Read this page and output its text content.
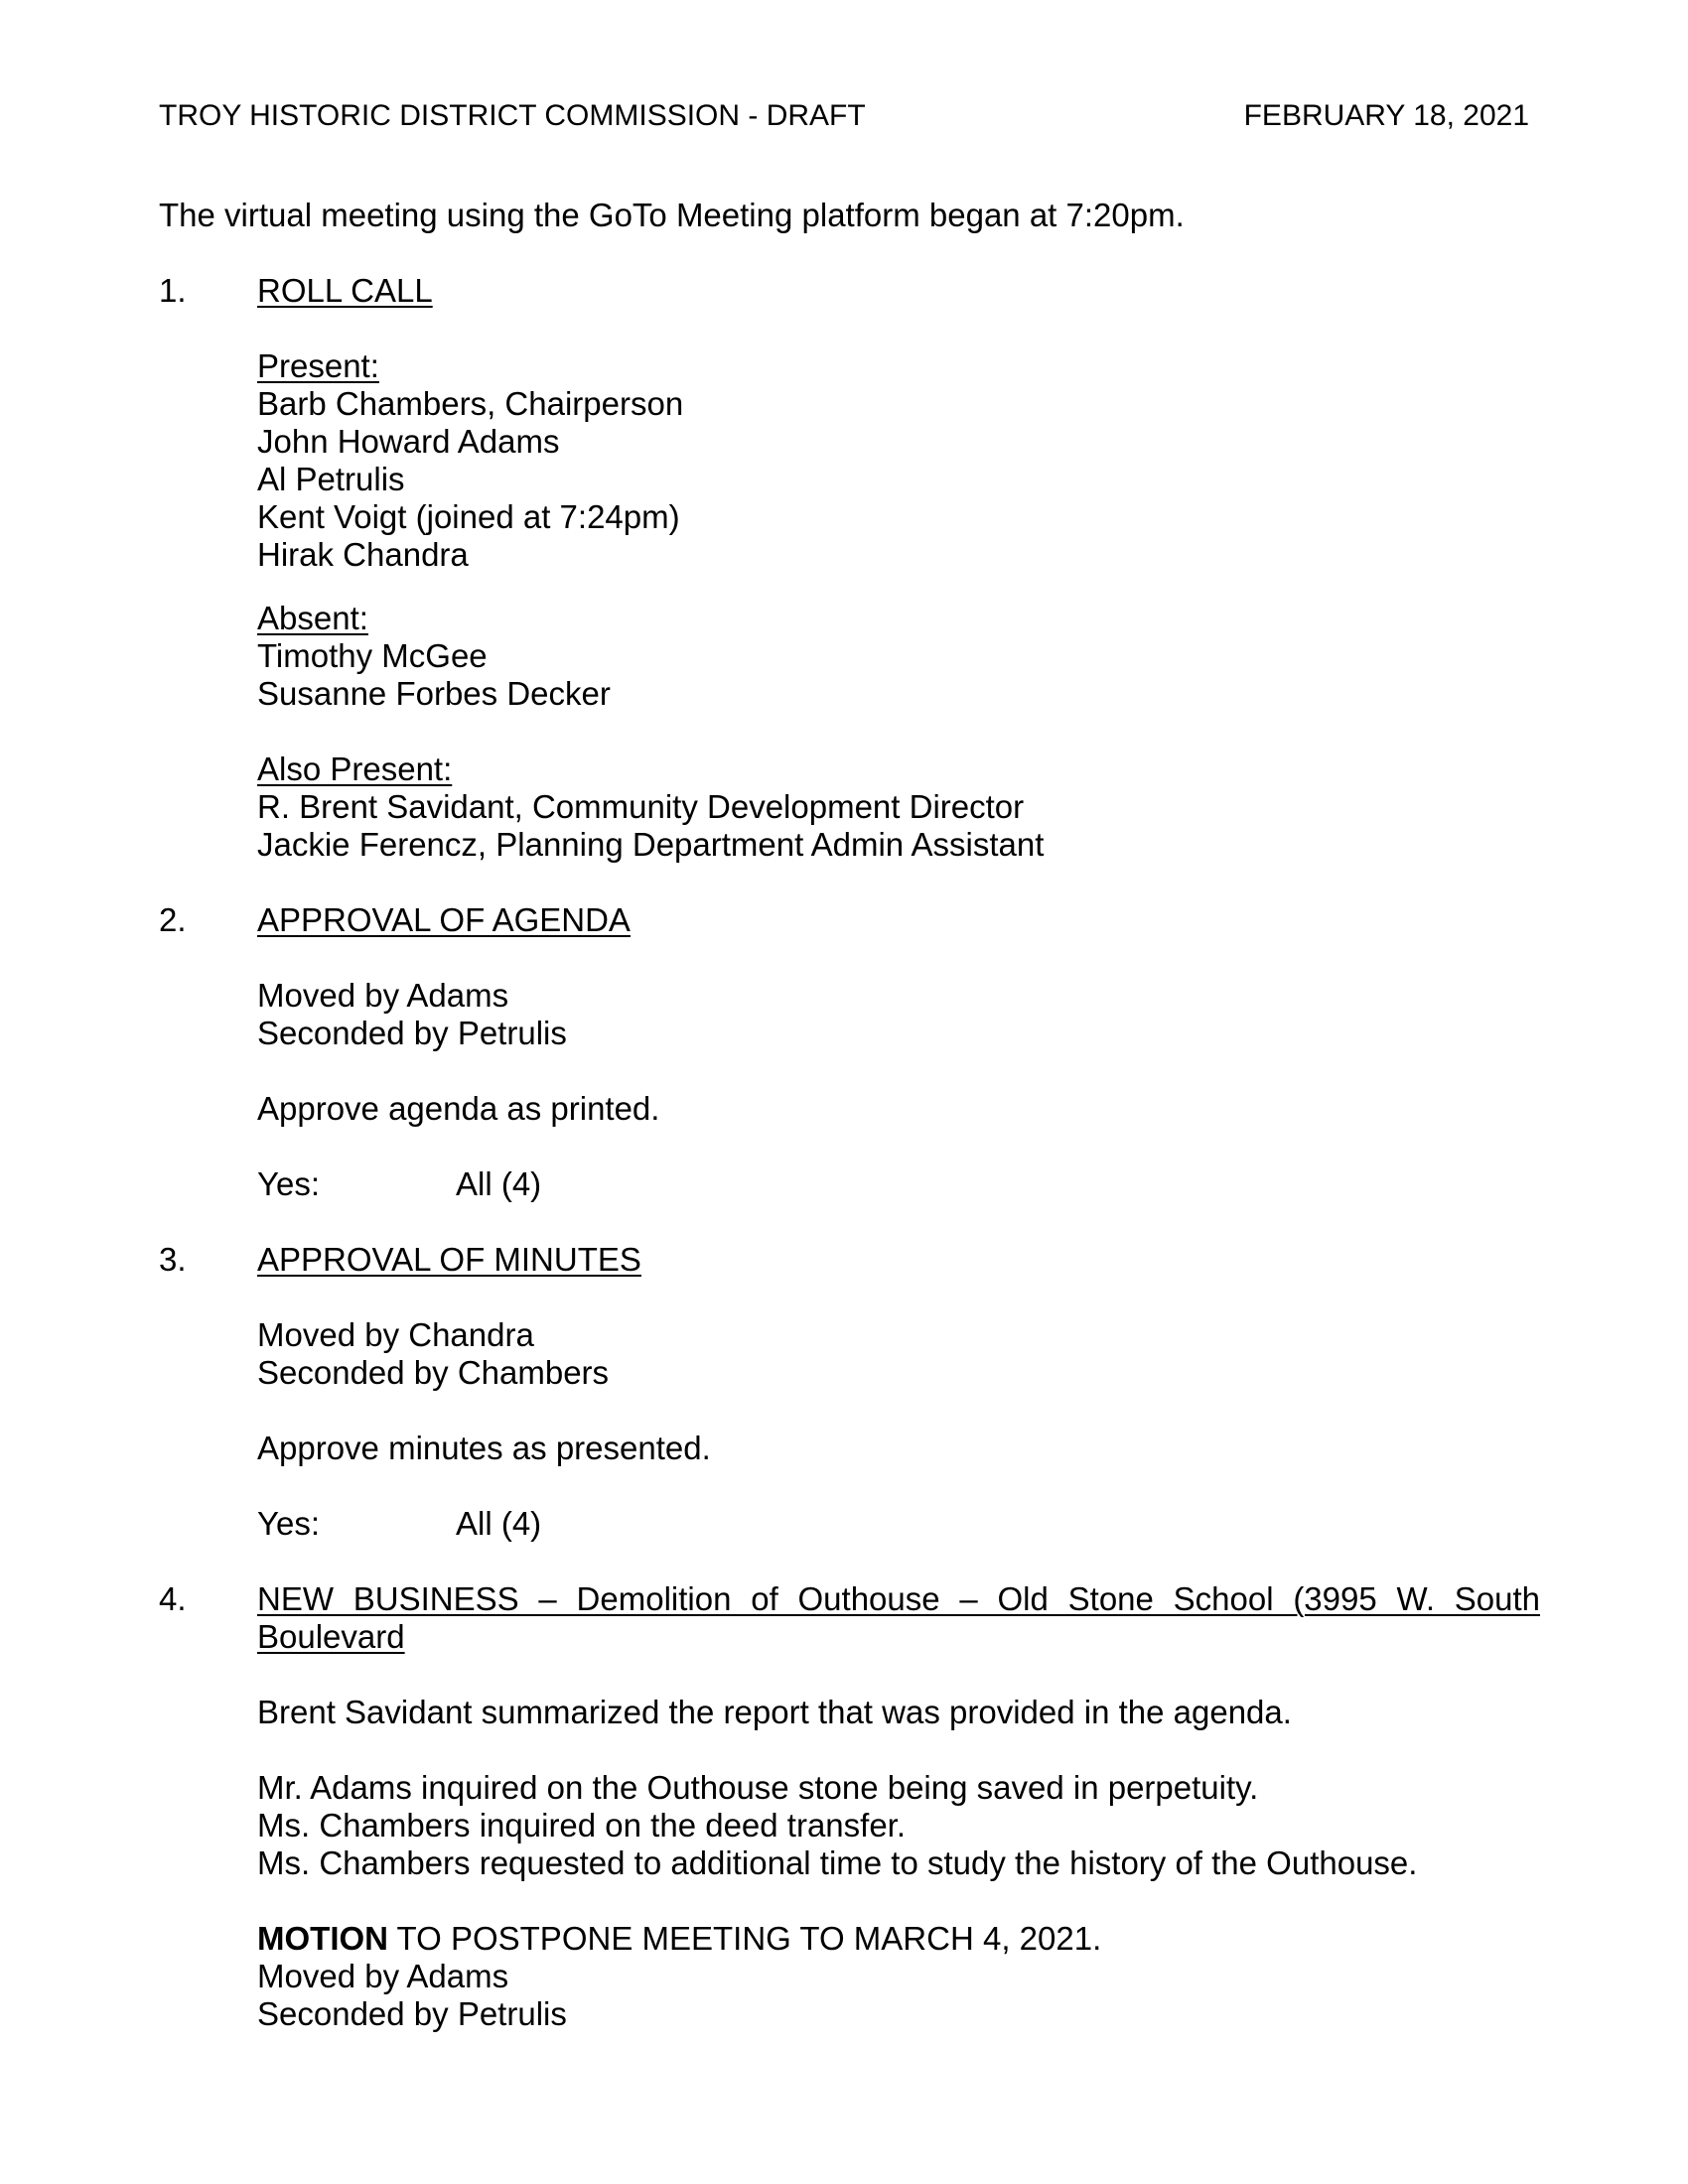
TROY HISTORIC DISTRICT COMMISSION - DRAFT	FEBRUARY 18, 2021
The virtual meeting using the GoTo Meeting platform began at 7:20pm.
1. ROLL CALL
Present:
Barb Chambers, Chairperson
John Howard Adams
Al Petrulis
Kent Voigt (joined at 7:24pm)
Hirak Chandra
Absent:
Timothy McGee
Susanne Forbes Decker
Also Present:
R. Brent Savidant, Community Development Director
Jackie Ferencz, Planning Department Admin Assistant
2. APPROVAL OF AGENDA
Moved by Adams
Seconded by Petrulis
Approve agenda as printed.
Yes:	All (4)
3. APPROVAL OF MINUTES
Moved by Chandra
Seconded by Chambers
Approve minutes as presented.
Yes:	All (4)
4. NEW BUSINESS – Demolition of Outhouse – Old Stone School (3995 W. South
Boulevard
Brent Savidant summarized the report that was provided in the agenda.
Mr. Adams inquired on the Outhouse stone being saved in perpetuity.
Ms. Chambers inquired on the deed transfer.
Ms. Chambers requested to additional time to study the history of the Outhouse.
MOTION TO POSTPONE MEETING TO MARCH 4, 2021.
Moved by Adams
Seconded by Petrulis
